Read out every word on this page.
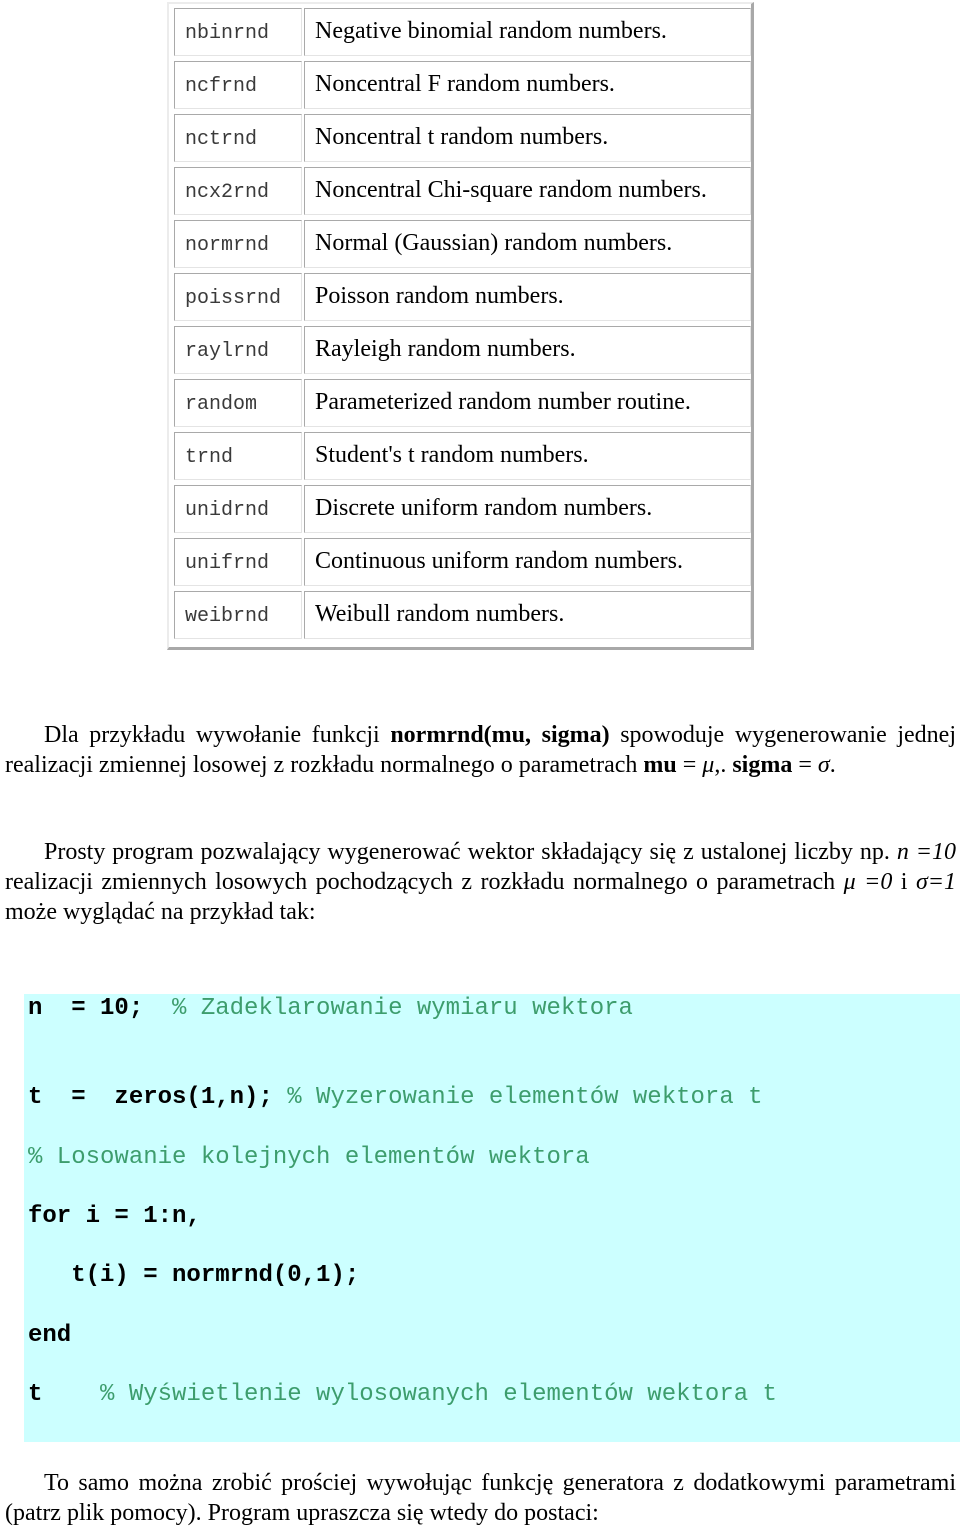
nbinrnd	Negative binomial random numbers.
ncfrnd	Noncentral F random numbers.
nctrnd	Noncentral t random numbers.
ncx2rnd	Noncentral Chi-square random numbers.
normrnd	Normal (Gaussian) random numbers.
poissrnd	Poisson random numbers.
raylrnd	Rayleigh random numbers.
random	Parameterized random number routine.
trnd	Student's t random numbers.
unidrnd	Discrete uniform random numbers.
unifrnd	Continuous uniform random numbers.
weibrnd	Weibull random numbers.

Dla przykładu wywołanie funkcji normrnd(mu, sigma) spowoduje wygenerowanie jednej realizacji zmiennej losowej z rozkładu normalnego o parametrach mu = μ,. sigma = σ.

Prosty program pozwalający wygenerować wektor składający się z ustalonej liczby np. n =10 realizacji zmiennych losowych pochodzących z rozkładu normalnego o parametrach μ =0 i σ=1 może wyglądać na przykład tak:

n  = 10;  % Zadeklarowanie wymiaru wektora
t  =  zeros(1,n); % Wyzerowanie elementów wektora t
% Losowanie kolejnych elementów wektora
for i = 1:n,
t(i) = normrnd(0,1);
end
t    % Wyświetlenie wylosowanych elementów wektora t

To samo można zrobić prościej wywołując funkcję generatora z dodatkowymi parametrami (patrz plik pomocy). Program upraszcza się wtedy do postaci:
